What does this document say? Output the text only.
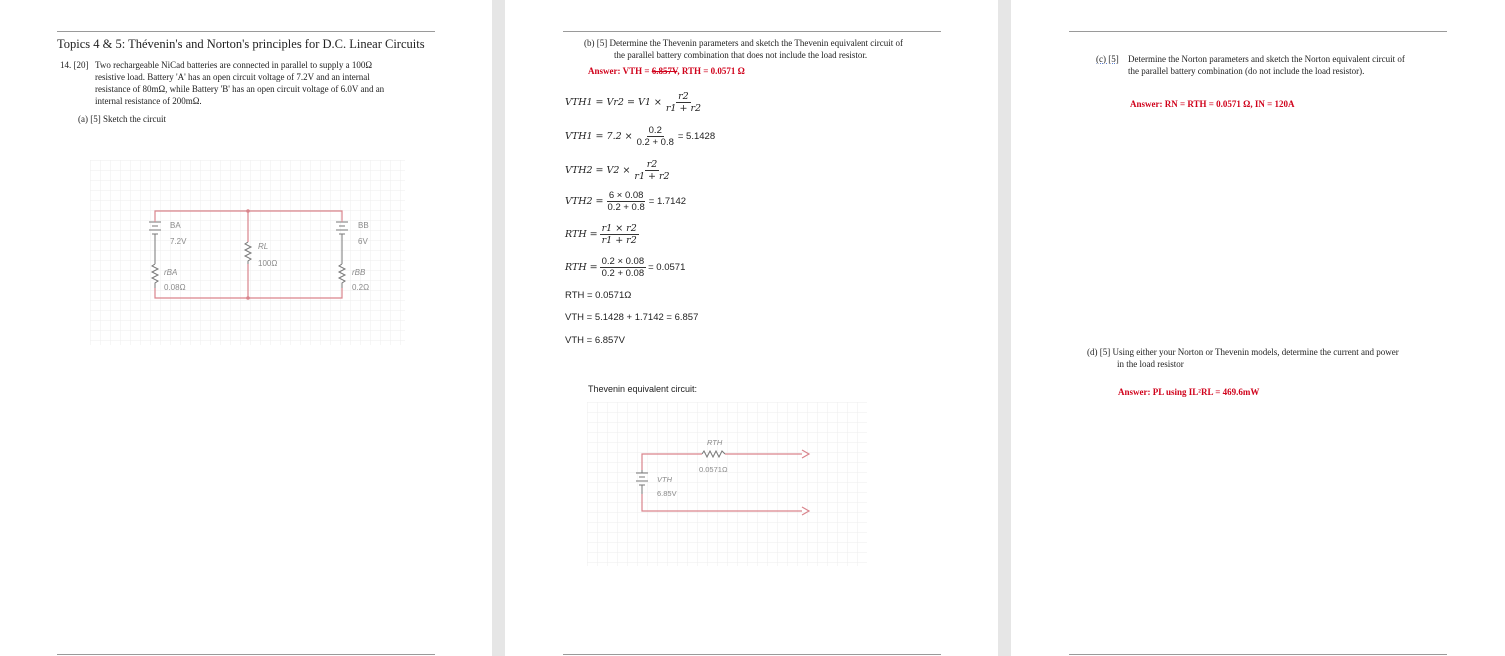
Topics 4 & 5: Thévenin's and Norton's principles for D.C. Linear Circuits
14. [20] Two rechargeable NiCad batteries are connected in parallel to supply a 100Ω
resistive load. Battery 'A' has an open circuit voltage of 7.2V and an internal
resistance of 80mΩ, while Battery 'B' has an open circuit voltage of 6.0V and an
internal resistance of 200mΩ.
(a) [5] Sketch the circuit
BA
7.2V
rBA
0.08Ω
RL
100Ω
BB
6V
rBB
0.2Ω
(b) [5] Determine the Thevenin parameters and sketch the Thevenin equivalent circuit of
the parallel battery combination that does not include the load resistor.
Answer: VTH = 6.857V, RTH = 0.0571 Ω
$VTH1 = Vr2 = V1 \times \frac{r2}{r1 + r2}$
$VTH1 = 7.2 \times \frac{0.2}{0.2 + 0.8} = 5.1428$
$VTH2 = V2 \times \frac{r2}{r1 + r2}$
$VTH2 = \frac{6 \times 0.08}{0.2 + 0.8} = 1.7142$
RTH = $\frac{r1 \times r2}{r1 + r2}$
RTH = $\frac{0.2 \times 0.08}{0.2 + 0.08} = 0.0571$
RTH = 0.0571Ω
VTH = 5.1428 + 1.7142 = 6.857
VTH = 6.857V
Thevenin equivalent circuit:
RTH
0.0571Ω
VTH
6.85V
(c) [5] Determine the Norton parameters and sketch the Norton equivalent circuit of
the parallel battery combination (do not include the load resistor).
Answer: RN = RTH = 0.0571 Ω, IN = 120A
(d) [5] Using either your Norton or Thevenin models, determine the current and power
in the load resistor
Answer: PL using IL²RL = 469.6mW
